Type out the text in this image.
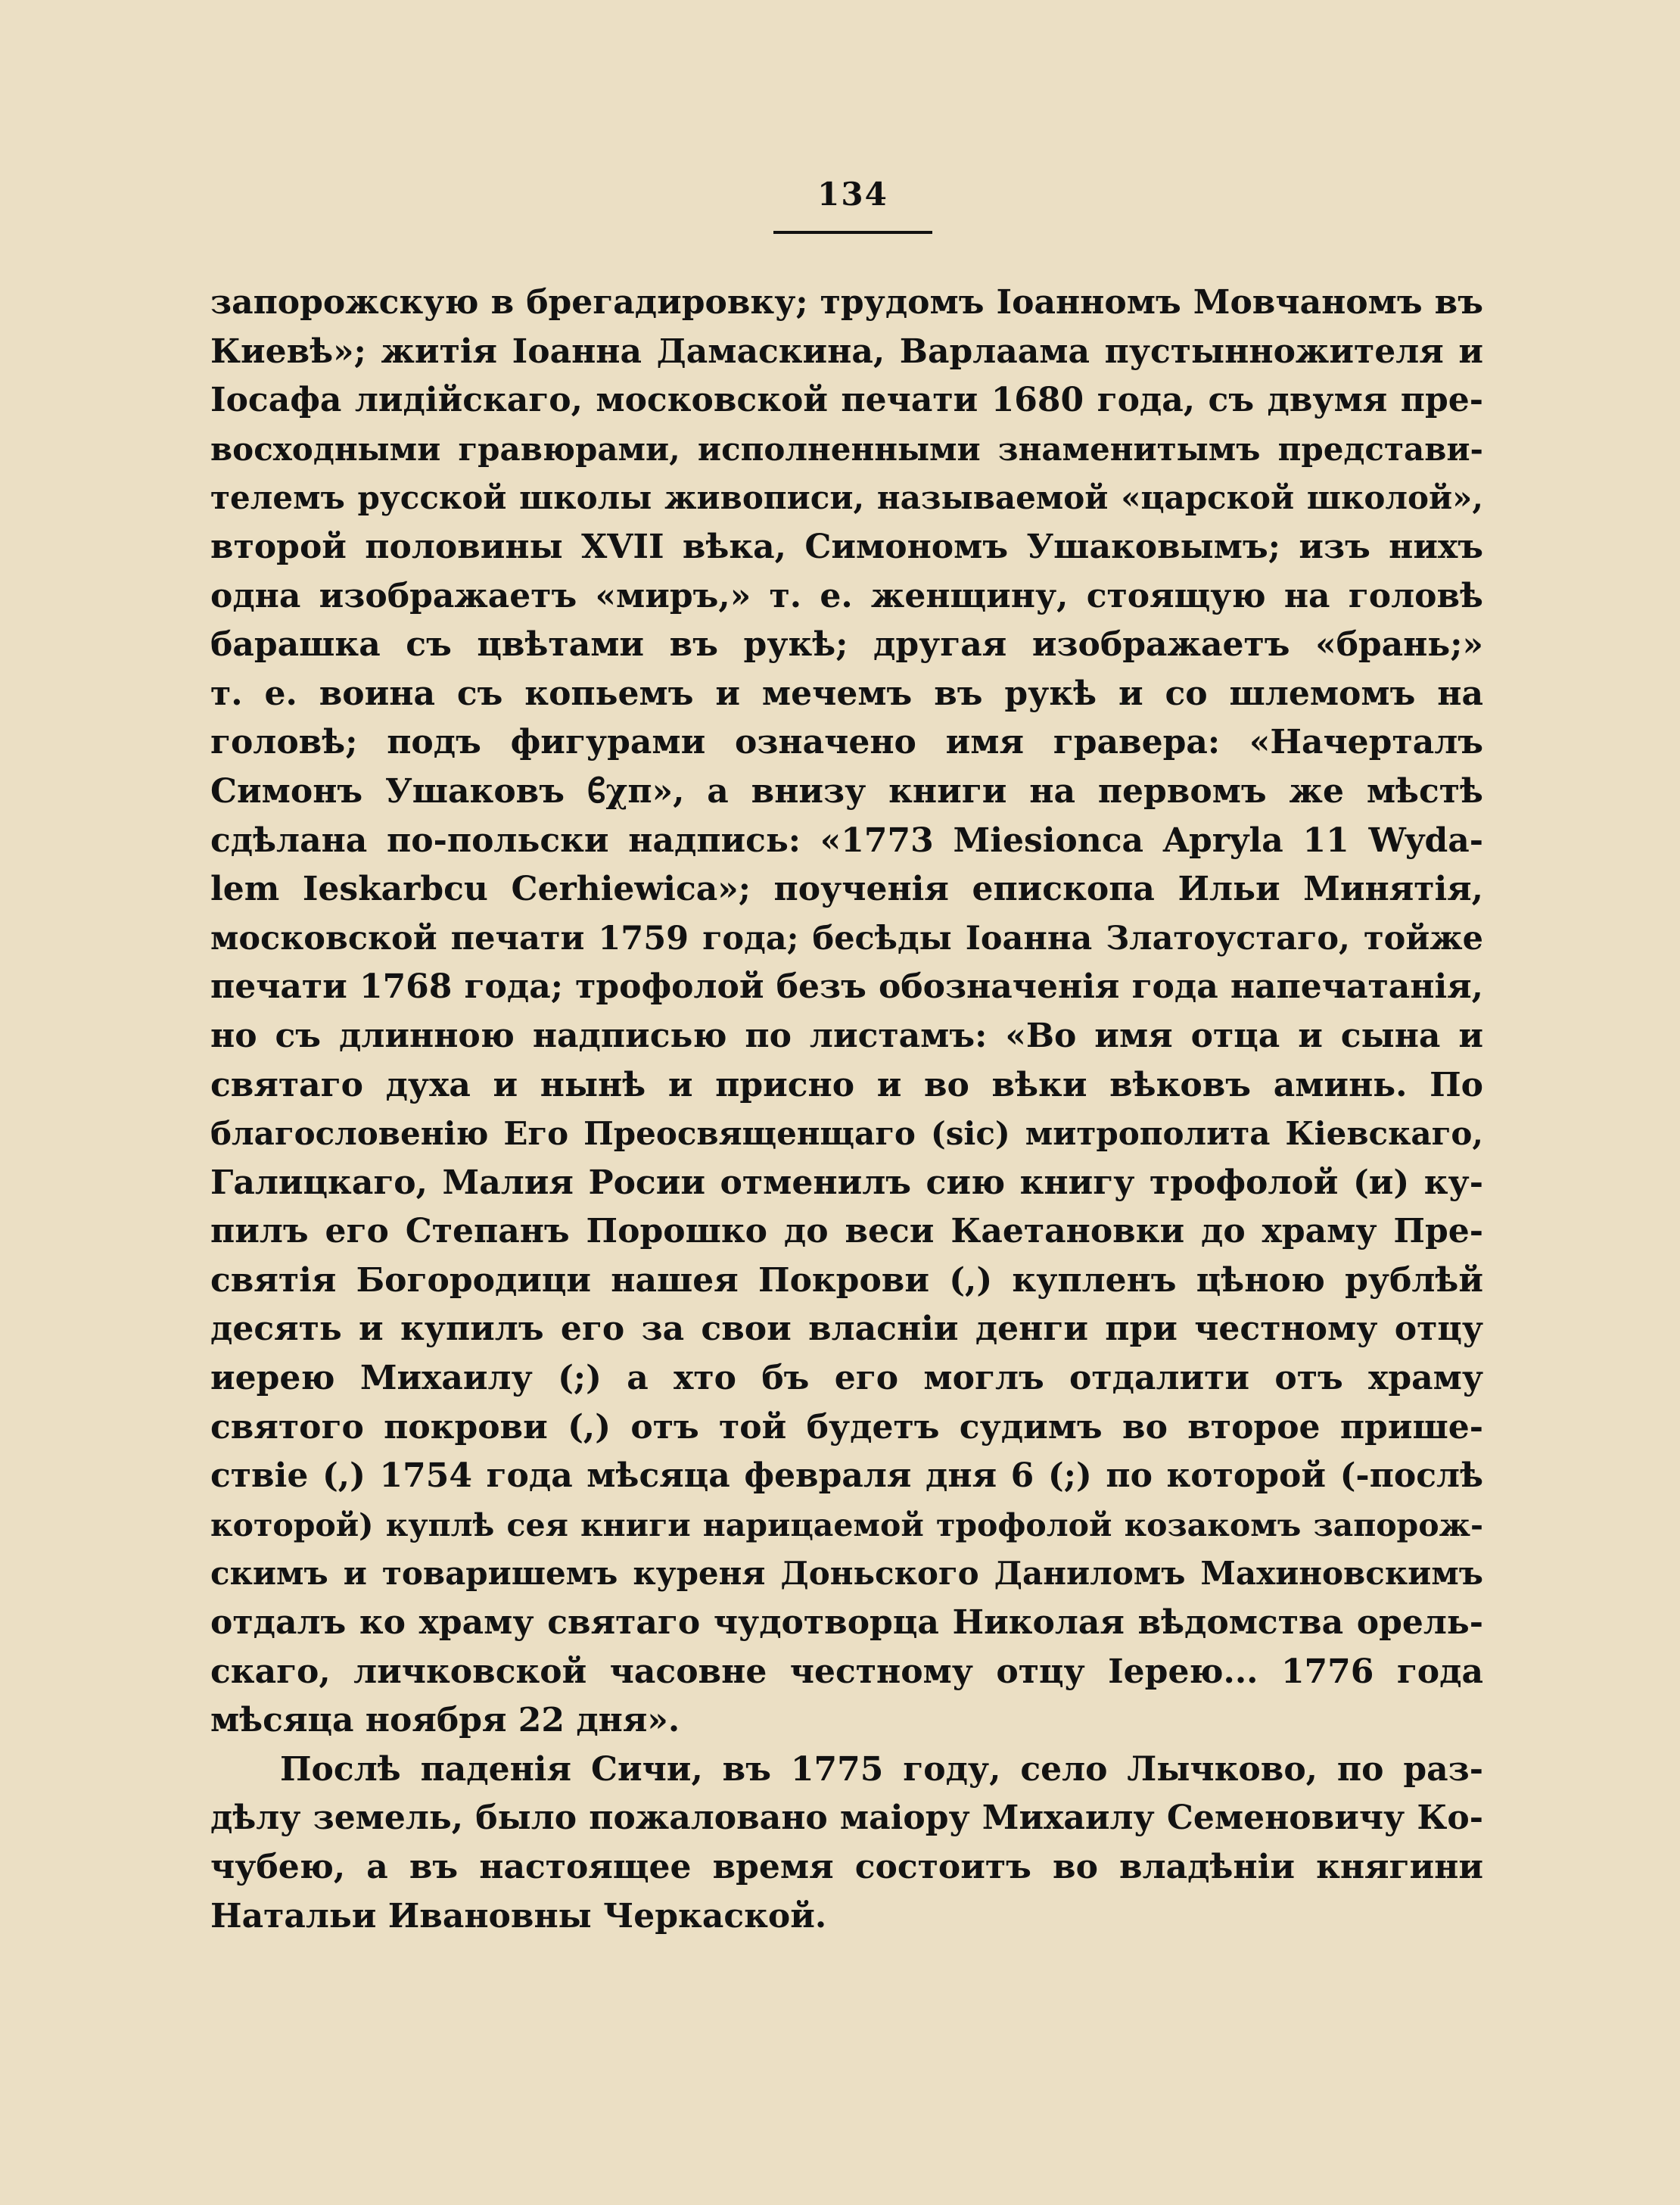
134
запорожскую в брегадировку; трудомъ Іоанномъ Мовчаномъ въ
Киевѣ»; житія Іоанна Дамаскина, Варлаама пустынножителя и
Іосафа лидійскаго, московской печати 1680 года, съ двумя пре-
восходными гравюрами, исполненными знаменитымъ представи-
телемъ русской школы живописи, называемой «царской школой»,
второй половины XVII вѣка, Симономъ Ушаковымъ; изъ нихъ
одна изображаетъ «миръ,» т. е. женщину, стоящую на головѣ
барашка съ цвѣтами въ рукѣ; другая изображаетъ «брань;»
т. е. воина съ копьемъ и мечемъ въ рукѣ и со шлемомъ на
головѣ; подъ фигурами означено имя гравера: «Начерталъ
Симонъ Ушаковъ ᲀχп», а внизу книги на первомъ же мѣстѣ
сдѣлана по-польски надпись: «1773 Miesionca Apryla 11 Wyda-
lem Ieskarbcu Cerhiewica»; поученія епископа Ильи Минятія,
московской печати 1759 года; бесѣды Іоанна Златоустаго, тойже
печати 1768 года; трофолой безъ обозначенія года напечатанія,
но съ длинною надписью по листамъ: «Во имя отца и сына и
святаго духа и нынѣ и присно и во вѣки вѣковъ аминь. По
благословенію Его Преосвященщаго (sic) митрополита Кіевскаго,
Галицкаго, Малия Росии отменилъ сию книгу трофолой (и) ку-
пилъ его Степанъ Порошко до веси Каетановки до храму Пре-
святія Богородици нашея Покрови (,) купленъ цѣною рублѣй
десять и купилъ его за свои власніи денги при честному отцу
иерею Михаилу (;) а хто бъ его моглъ отдалити отъ храму
святого покрови (,) отъ той будетъ судимъ во второе прише-
ствіе (,) 1754 года мѣсяца февраля дня 6 (;) по которой (-послѣ
которой) куплѣ сея книги нарицаемой трофолой козакомъ запорож-
скимъ и товаришемъ куреня Доньского Даниломъ Махиновскимъ
отдалъ ко храму святаго чудотворца Николая вѣдомства орель-
скаго, личковской часовне честному отцу Іерею... 1776 года
мѣсяца ноября 22 дня».
Послѣ паденія Сичи, въ 1775 году, село Лычково, по раз-
дѣлу земель, было пожаловано маіору Михаилу Семеновичу Ко-
чубею, а въ настоящее время состоитъ во владѣніи княгини
Натальи Ивановны Черкаской.
